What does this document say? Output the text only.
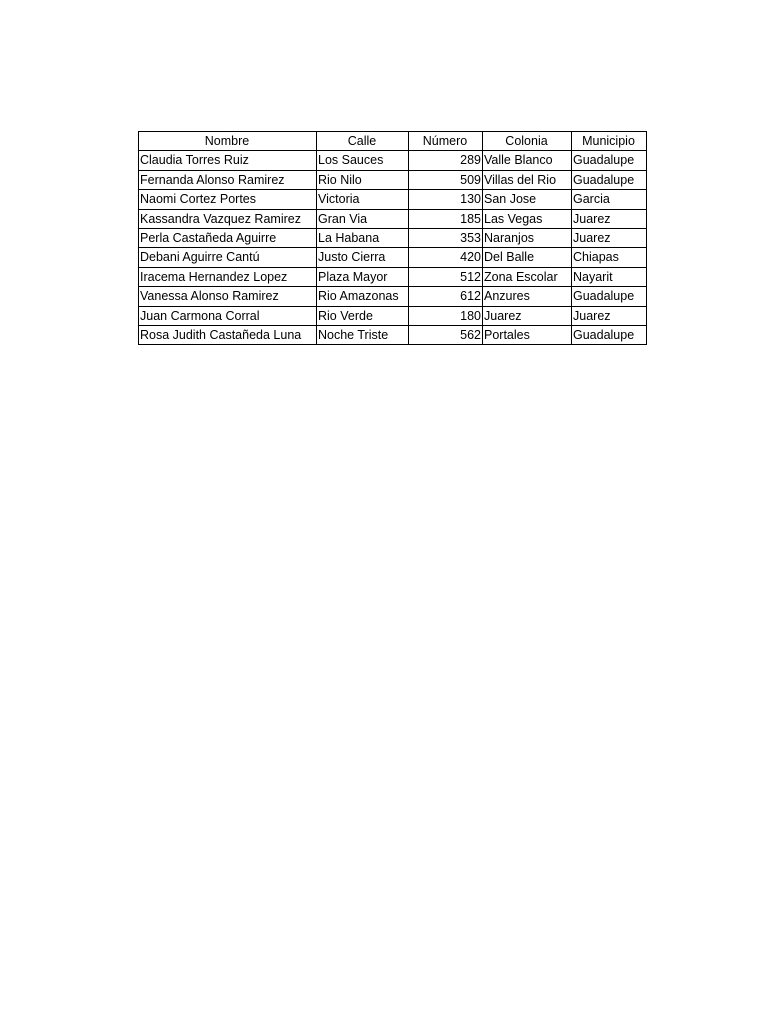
Nombre	Calle	Número	Colonia	Municipio
Claudia Torres Ruiz	Los Sauces	289	Valle Blanco	Guadalupe
Fernanda Alonso Ramirez	Rio Nilo	509	Villas del Rio	Guadalupe
Naomi Cortez Portes	Victoria	130	San Jose	Garcia
Kassandra Vazquez Ramirez	Gran Via	185	Las Vegas	Juarez
Perla Castañeda Aguirre	La Habana	353	Naranjos	Juarez
Debani Aguirre Cantú	Justo Cierra	420	Del Balle	Chiapas
Iracema Hernandez Lopez	Plaza Mayor	512	Zona Escolar	Nayarit
Vanessa Alonso Ramirez	Rio Amazonas	612	Anzures	Guadalupe
Juan Carmona Corral	Rio Verde	180	Juarez	Juarez
Rosa Judith Castañeda Luna	Noche Triste	562	Portales	Guadalupe
